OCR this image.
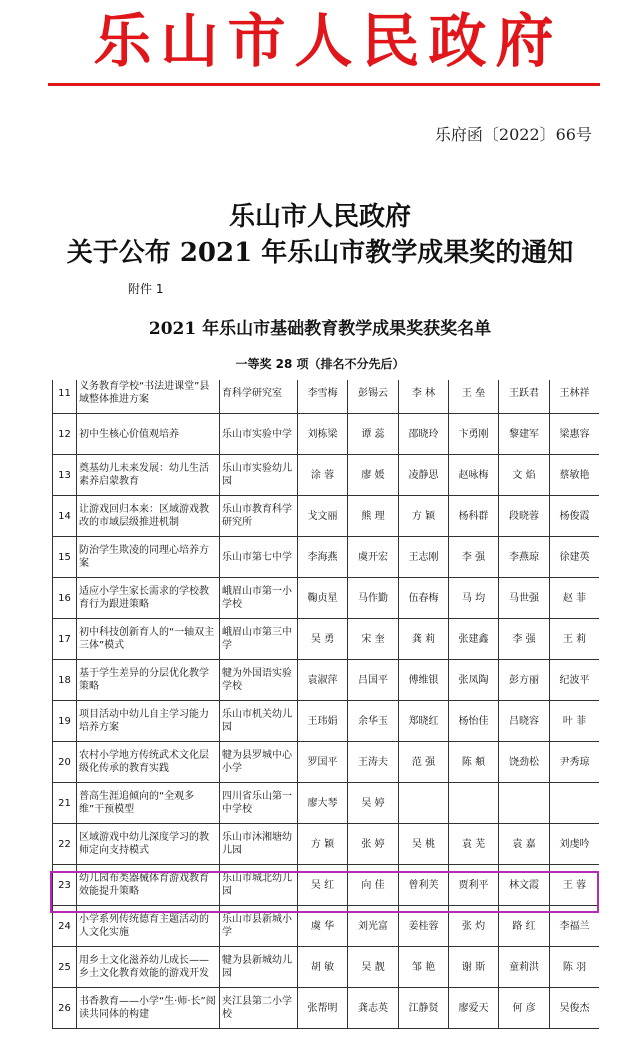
乐山市人民政府
乐府函〔2022〕66号
乐山市人民政府
关于公布 2021 年乐山市教学成果奖的通知
附件 1
2021 年乐山市基础教育教学成果奖获奖名单
一等奖 28 项（排名不分先后）
11	义务教育学校“书法进课堂”县域整体推进方案	育科学研究室	李雪梅	彭锡云	李 林	王 垒	王跃君	王林祥
12	初中生核心价值观培养	乐山市实验中学	刘栋梁	谭 蕊	邵晓玲	卞勇刚	黎建军	梁惠容
13	奠基幼儿未来发展：幼儿生活素养启蒙教育	乐山市实验幼儿园	涂 蓉	廖 媛	凌静思	赵咏梅	文 焰	蔡敏艳
14	让游戏回归本来：区域游戏教改的市域层级推进机制	乐山市教育科学研究所	戈文丽	熊 理	方 颖	杨科群	段晓蓉	杨俊霞
15	防治学生欺凌的同理心培养方案	乐山市第七中学	李海燕	虞开宏	王志刚	李 强	李燕琼	徐建英
16	适应小学生家长需求的学校教育行为跟进策略	峨眉山市第一小学校	鞠贞星	马作勤	伍春梅	马 均	马世强	赵 菲
17	初中科技创新育人的“一轴双主三体”模式	峨眉山市第三中学	吴 勇	宋 奎	龚 莉	张建鑫	李 强	王 莉
18	基于学生差异的分层优化教学策略	犍为外国语实验学校	袁淑萍	吕国平	傅维银	张凤陶	彭方丽	纪波平
19	项目活动中幼儿自主学习能力培养方案	乐山市机关幼儿园	王玮娟	余华玉	郑晓红	杨怡佳	吕晓容	叶 菲
20	农村小学地方传统武术文化层级化传承的教育实践	犍为县罗城中心小学	罗国平	王涛夫	范 强	陈 頫	饶劲松	尹秀琼
21	普高生涯追倾向的“全观多维”干预模型	四川省乐山第一中学校	廖大琴	吴 婷				
22	区域游戏中幼儿深度学习的教师定向支持模式	乐山市沐湘塘幼儿园	方 颖	张 婷	吴 桃	袁 芜	袁 嘉	刘虔吟
23	幼儿园布类器械体育游戏教育效能提升策略	乐山市城北幼儿园	吴 红	向 佳	曾利芙	贾利平	林文霞	王 蓉
24	小学系列传统德育主题活动的人文化实施	乐山市县新城小学	虞 华	刘光富	姜桂蓉	张 灼	路 红	李福兰
25	用乡土文化滋养幼儿成长——乡土文化教育效能的游戏开发	犍为县新城幼儿园	胡 敏	吴 靓	邹 艳	谢 斯	童莉洪	陈 羽
26	书香教育——小学“生·师·长”阅读共同体的构建	夹江县第二小学校	张帮明	龚志英	江静贤	廖爱天	何 彦	吴俊杰
